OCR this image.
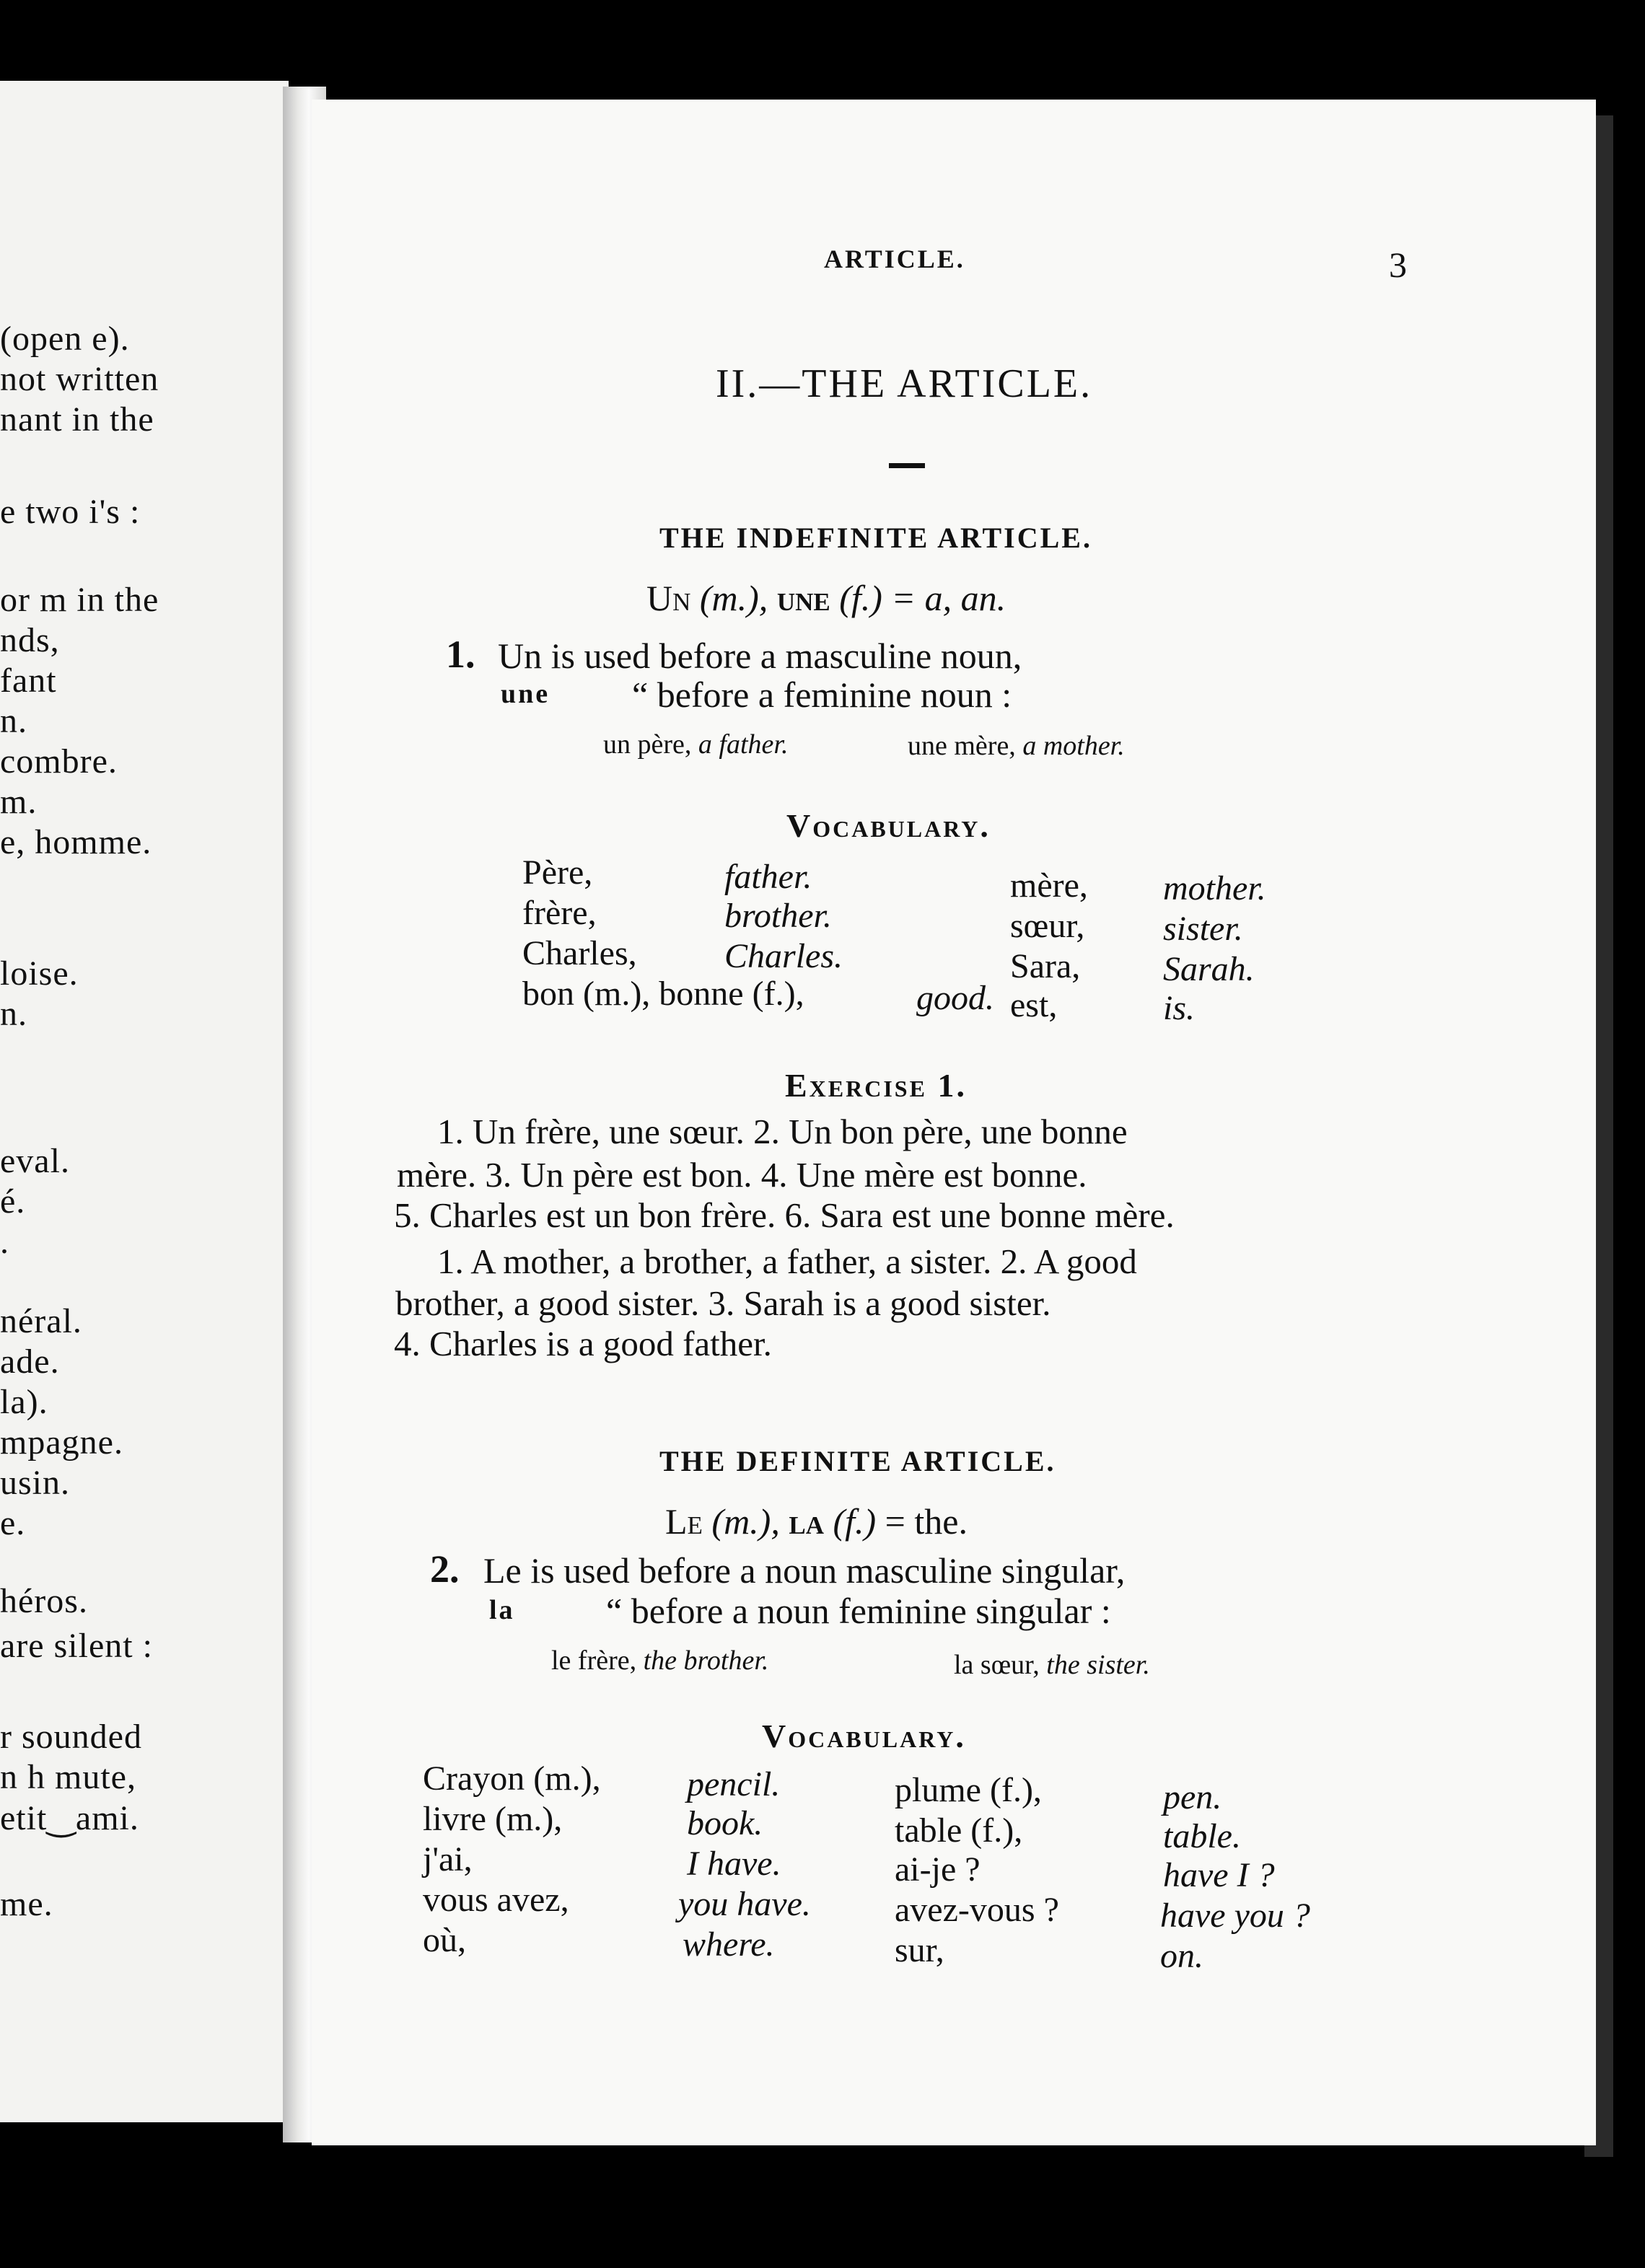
(open e).
not written
nant in the
e two i's :
or m in the
nds,
fant
n.
combre.
m.
e, homme.
loise.
n.
eval.
é.
.
néral.
ade.
la).
mpagne.
usin.
e.
héros.
are silent :
r sounded
n h mute,
etit‿ami.
me.
ARTICLE.	3
II.—THE ARTICLE.
THE INDEFINITE ARTICLE.
Un (m.), une (f.) = a, an.
1. Un is used before a masculine noun,
une “ before a feminine noun :
un père, a father.	une mère, a mother.
Vocabulary.
Père,	father.	mère, mother.
frère,	brother.	sœur, sister.
Charles,	Charles.	Sara, Sarah.
bon (m.), bonne (f.),	good. est,	is.
Exercise 1.
1. Un frère, une sœur. 2. Un bon père, une bonne
mère. 3. Un père est bon. 4. Une mère est bonne.
5. Charles est un bon frère. 6. Sara est une bonne mère.
1. A mother, a brother, a father, a sister. 2. A good
brother, a good sister. 3. Sarah is a good sister.
4. Charles is a good father.
THE DEFINITE ARTICLE.
Le (m.), la (f.) = the.
2. Le is used before a noun masculine singular,
la	“ before a noun feminine singular :
le frère, the brother.	la sœur, the sister.
Vocabulary.
Crayon (m.), pencil.	plume (f.),	pen.
livre (m.),	book.	table (f.),	table.
j'ai,	I have.	ai-je ?	have I ?
vous avez,	you have. avez-vous ?	have you ?
où,	where.	sur,	on.
